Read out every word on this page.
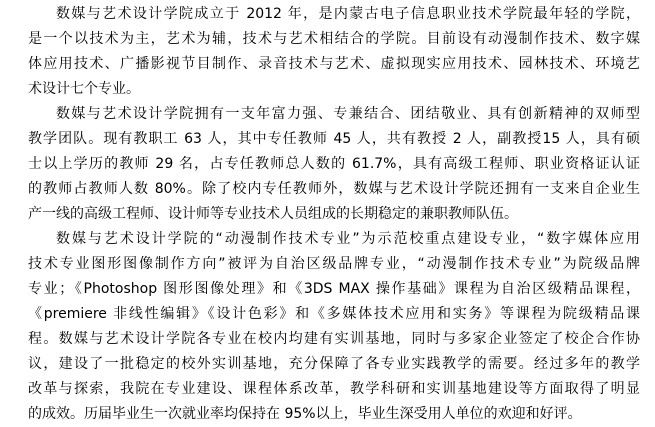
数媒与艺术设计学院成立于 2012 年，是内蒙古电子信息职业技术学院最年轻的学院，
是一个以技术为主，艺术为辅，技术与艺术相结合的学院。目前设有动漫制作技术、数字媒
体应用技术、广播影视节目制作、录音技术与艺术、虚拟现实应用技术、园林技术、环境艺
术设计七个专业。
数媒与艺术设计学院拥有一支年富力强、专兼结合、团结敬业、具有创新精神的双师型
教学团队。现有教职工 63 人，其中专任教师 45 人，共有教授 2 人，副教授15 人，具有硕
士以上学历的教师 29 名，占专任教师总人数的 61.7%，具有高级工程师、职业资格证认证
的教师占教师人数 80%。除了校内专任教师外，数媒与艺术设计学院还拥有一支来自企业生
产一线的高级工程师、设计师等专业技术人员组成的长期稳定的兼职教师队伍。
数媒与艺术设计学院的“动漫制作技术专业”为示范校重点建设专业，“数字媒体应用
技术专业图形图像制作方向”被评为自治区级品牌专业，“动漫制作技术专业”为院级品牌
专业；《Photoshop 图形图像处理》和《3DS MAX 操作基础》课程为自治区级精品课程，
《premiere 非线性编辑》《设计色彩》和《多媒体技术应用和实务》等课程为院级精品课
程。数媒与艺术设计学院各专业在校内均建有实训基地，同时与多家企业签定了校企合作协
议，建设了一批稳定的校外实训基地，充分保障了各专业实践教学的需要。经过多年的教学
改革与探索，我院在专业建设、课程体系改革，教学科研和实训基地建设等方面取得了明显
的成效。历届毕业生一次就业率均保持在 95%以上，毕业生深受用人单位的欢迎和好评。
